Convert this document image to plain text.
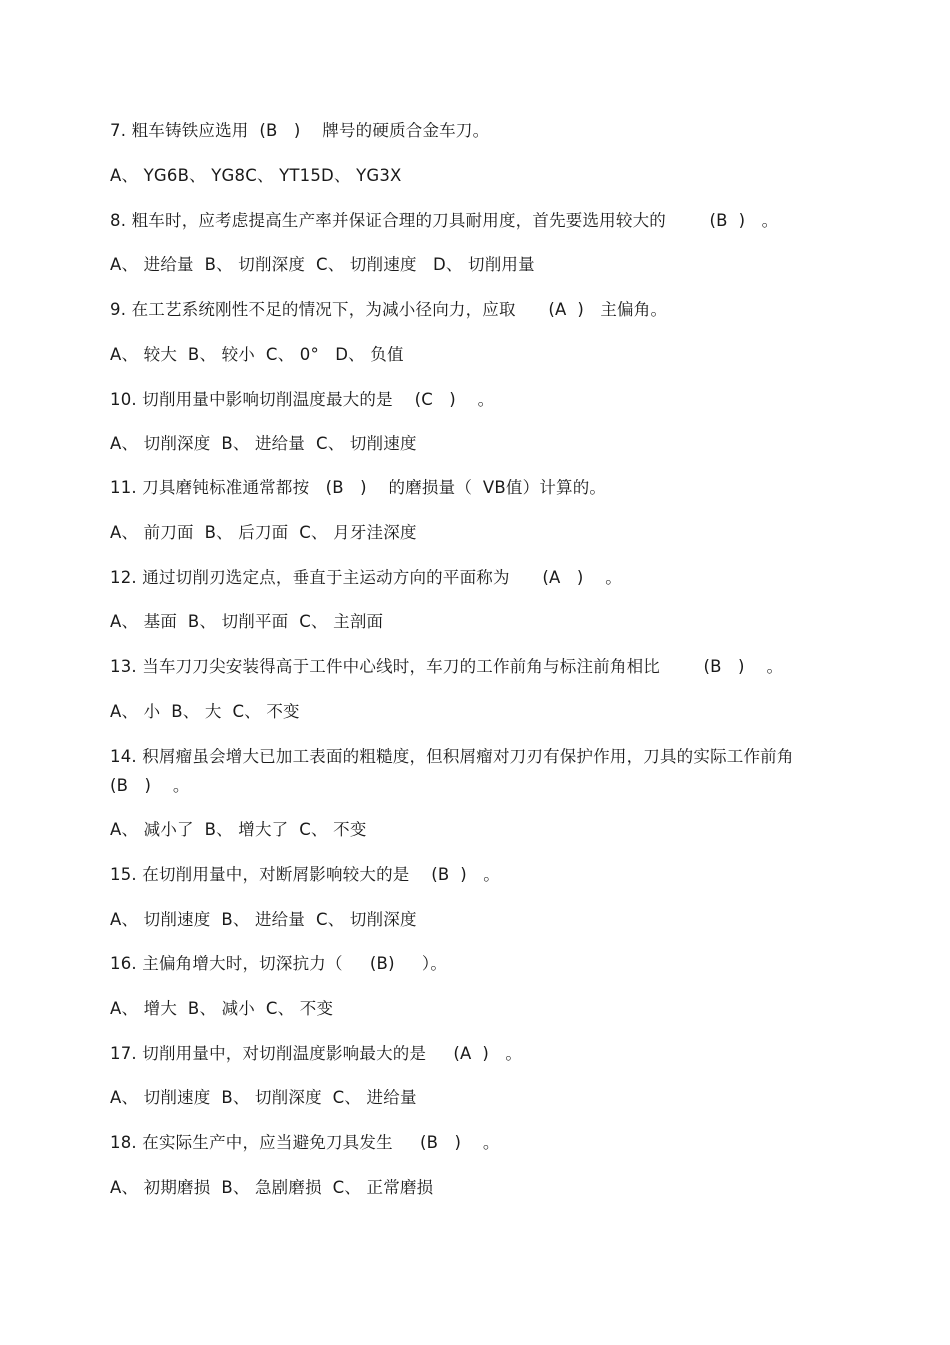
7. 粗车铸铁应选用  (B   )    牌号的硬质合金车刀。
A、 YG6B、 YG8C、 YT15D、 YG3X
8. 粗车时，应考虑提高生产率并保证合理的刀具耐用度，首先要选用较大的        (B  )   。
A、 进给量  B、 切削深度  C、 切削速度   D、 切削用量
9. 在工艺系统刚性不足的情况下，为减小径向力，应取      (A  )   主偏角。
A、 较大  B、 较小  C、 0°   D、 负值
10. 切削用量中影响切削温度最大的是    (C   )    。
A、 切削深度  B、 进给量  C、 切削速度
11. 刀具磨钝标准通常都按   (B   )    的磨损量（  VB值）计算的。
A、 前刀面  B、 后刀面  C、 月牙洼深度
12. 通过切削刃选定点，垂直于主运动方向的平面称为      (A   )    。
A、 基面  B、 切削平面  C、 主剖面
13. 当车刀刀尖安装得高于工件中心线时，车刀的工作前角与标注前角相比        (B   )    。
A、 小  B、 大  C、 不变
14. 积屑瘤虽会增大已加工表面的粗糙度，但积屑瘤对刀刃有保护作用，刀具的实际工作前角 (B   )    。
A、 减小了  B、 增大了  C、 不变
15. 在切削用量中，对断屑影响较大的是    (B  )   。
A、 切削速度  B、 进给量  C、 切削深度
16. 主偏角增大时，切深抗力（     (B)     ）。
A、 增大  B、 减小  C、 不变
17. 切削用量中，对切削温度影响最大的是     (A  )   。
A、 切削速度  B、 切削深度  C、 进给量
18. 在实际生产中，应当避免刀具发生     (B   )    。
A、 初期磨损  B、 急剧磨损  C、 正常磨损
